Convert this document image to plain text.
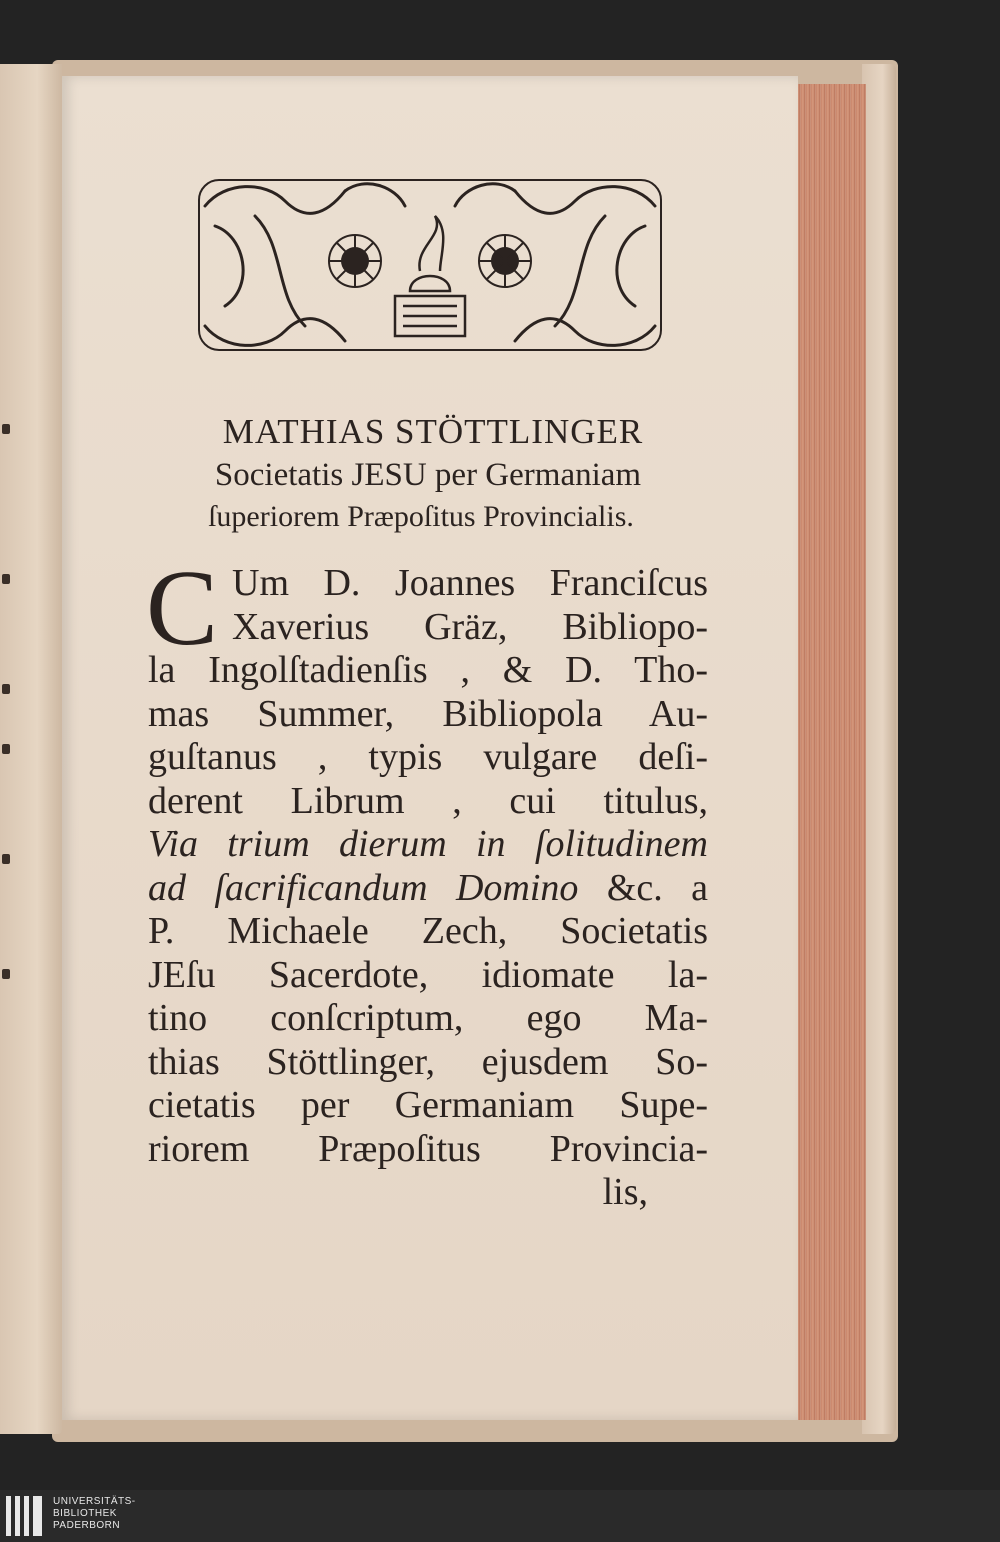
MATHIAS STÖTTLINGER
Societatis JESU per Germaniam
ſuperiorem Præpoſitus Provincialis.
C Um D. Joannes Franciſcus
Xaverius Gräz, Bibliopo-
la Ingolſtadienſis , & D. Tho-
mas Summer, Bibliopola Au-
guſtanus , typis vulgare deſi-
derent Librum , cui titulus,
Via trium dierum in ſolitudinem
ad ſacrificandum Domino &c. a
P. Michaele Zech, Societatis
JEſu Sacerdote, idiomate la-
tino conſcriptum, ego Ma-
thias Stöttlinger, ejusdem So-
cietatis per Germaniam Supe-
riorem Præpoſitus Provincia-
lis,
UNIVERSITÄTS-
BIBLIOTHEK
PADERBORN
